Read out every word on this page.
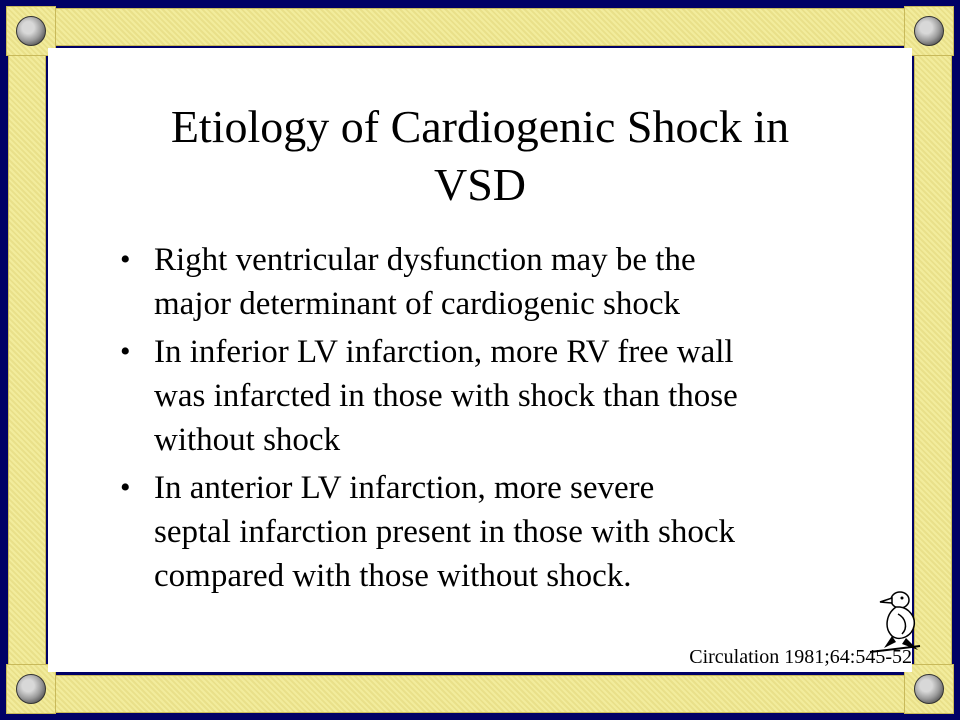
Etiology of Cardiogenic Shock in
VSD
• Right ventricular dysfunction may be the
major determinant of cardiogenic shock
• In inferior LV infarction, more RV free wall
was infarcted in those with shock than those
without shock
• In anterior LV infarction, more severe
septal infarction present in those with shock
compared with those without shock.
Circulation 1981;64:545-52
